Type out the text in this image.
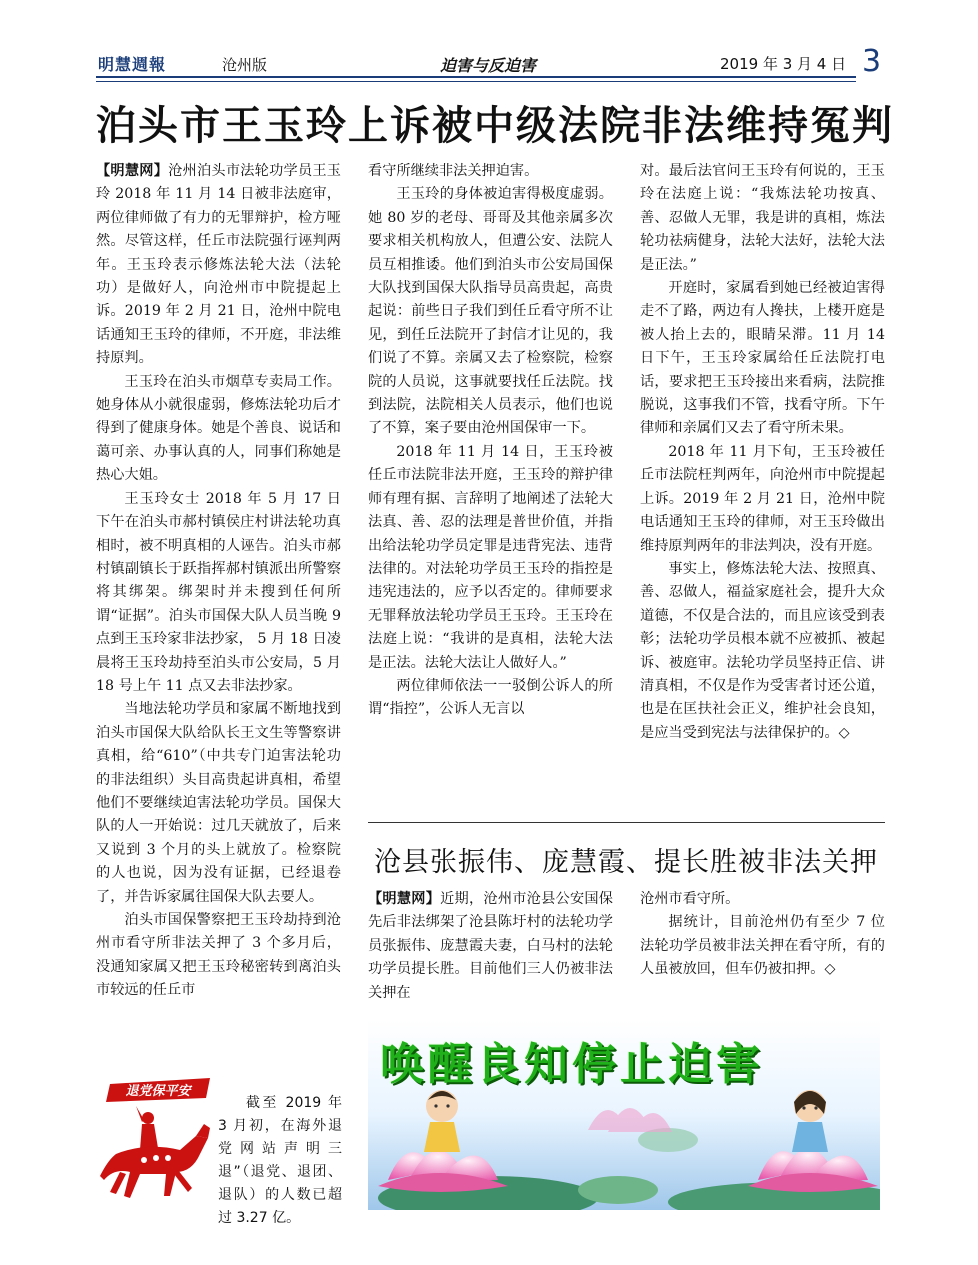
明慧週報	沧州版	迫害与反迫害	2019 年 3 月 4 日 3
泊头市王玉玲上诉被中级法院非法维持冤判

【明慧网】沧州泊头市法轮功学员王玉玲 2018 年 11 月 14 日被非法庭审，两位律师做了有力的无罪辩护，检方哑然。尽管这样，任丘市法院强行诬判两年。王玉玲表示修炼法轮大法（法轮功）是做好人，向沧州市中院提起上诉。2019 年 2 月 21 日，沧州中院电话通知王玉玲的律师，不开庭，非法维持原判。

王玉玲在泊头市烟草专卖局工作。她身体从小就很虚弱，修炼法轮功后才得到了健康身体。她是个善良、说话和蔼可亲、办事认真的人，同事们称她是热心大姐。

王玉玲女士 2018 年 5 月 17 日下午在泊头市郝村镇侯庄村讲法轮功真相时，被不明真相的人诬告。泊头市郝村镇副镇长于跃指挥郝村镇派出所警察将其绑架。绑架时并未搜到任何所谓“证据”。泊头市国保大队人员当晚 9 点到王玉玲家非法抄家， 5 月 18 日凌晨将王玉玲劫持至泊头市公安局，5 月 18 号上午 11 点又去非法抄家。

当地法轮功学员和家属不断地找到泊头市国保大队给队长王文生等警察讲真相，给“610”（中共专门迫害法轮功的非法组织）头目高贵起讲真相，希望他们不要继续迫害法轮功学员。国保大队的人一开始说：过几天就放了，后来又说到 3 个月的头上就放了。检察院的人也说，因为没有证据，已经退卷了，并告诉家属往国保大队去要人。

泊头市国保警察把王玉玲劫持到沧州市看守所非法关押了 3 个多月后，没通知家属又把王玉玲秘密转到离泊头市较远的任丘市

看守所继续非法关押迫害。

王玉玲的身体被迫害得极度虚弱。她 80 岁的老母、哥哥及其他亲属多次要求相关机构放人，但遭公安、法院人员互相推诿。他们到泊头市公安局国保大队找到国保大队指导员高贵起，高贵起说：前些日子我们到任丘看守所不让见，到任丘法院开了封信才让见的，我们说了不算。亲属又去了检察院，检察院的人员说，这事就要找任丘法院。找到法院，法院相关人员表示，他们也说了不算，案子要由沧州国保审一下。

2018 年 11 月 14 日，王玉玲被任丘市法院非法开庭，王玉玲的辩护律师有理有据、言辞明了地阐述了法轮大法真、善、忍的法理是普世价值，并指出给法轮功学员定罪是违背宪法、违背法律的。对法轮功学员王玉玲的指控是违宪违法的，应予以否定的。律师要求无罪释放法轮功学员王玉玲。王玉玲在法庭上说：“我讲的是真相，法轮大法是正法。法轮大法让人做好人。”

两位律师依法一一驳倒公诉人的所谓“指控”，公诉人无言以

对。最后法官问王玉玲有何说的，王玉玲在法庭上说：“我炼法轮功按真、善、忍做人无罪，我是讲的真相，炼法轮功祛病健身，法轮大法好，法轮大法是正法。”

开庭时，家属看到她已经被迫害得走不了路，两边有人搀扶，上楼开庭是被人抬上去的，眼睛呆滞。11 月 14 日下午，王玉玲家属给任丘法院打电话，要求把王玉玲接出来看病，法院推脱说，这事我们不管，找看守所。下午律师和亲属们又去了看守所未果。

2018 年 11 月下旬，王玉玲被任丘市法院枉判两年，向沧州市中院提起上诉。2019 年 2 月 21 日，沧州中院电话通知王玉玲的律师，对王玉玲做出维持原判两年的非法判决，没有开庭。

事实上，修炼法轮大法、按照真、善、忍做人，福益家庭社会，提升大众道德，不仅是合法的，而且应该受到表彰；法轮功学员根本就不应被抓、被起诉、被庭审。法轮功学员坚持正信、讲清真相，不仅是作为受害者讨还公道，也是在匡扶社会正义，维护社会良知，是应当受到宪法与法律保护的。◇

沧县张振伟、庞慧霞、提长胜被非法关押

【明慧网】近期，沧州市沧县公安国保先后非法绑架了沧县陈圩村的法轮功学员张振伟、庞慧霞夫妻，白马村的法轮功学员提长胜。目前他们三人仍被非法关押在

沧州市看守所。

据统计，目前沧州仍有至少 7 位法轮功学员被非法关押在看守所，有的人虽被放回，但车仍被扣押。◇

退党保平安

截至 2019 年 3 月初，在海外退党网站声明三退”（退党、退团、退队）的人数已超过 3.27 亿。

唤醒良知停止迫害
